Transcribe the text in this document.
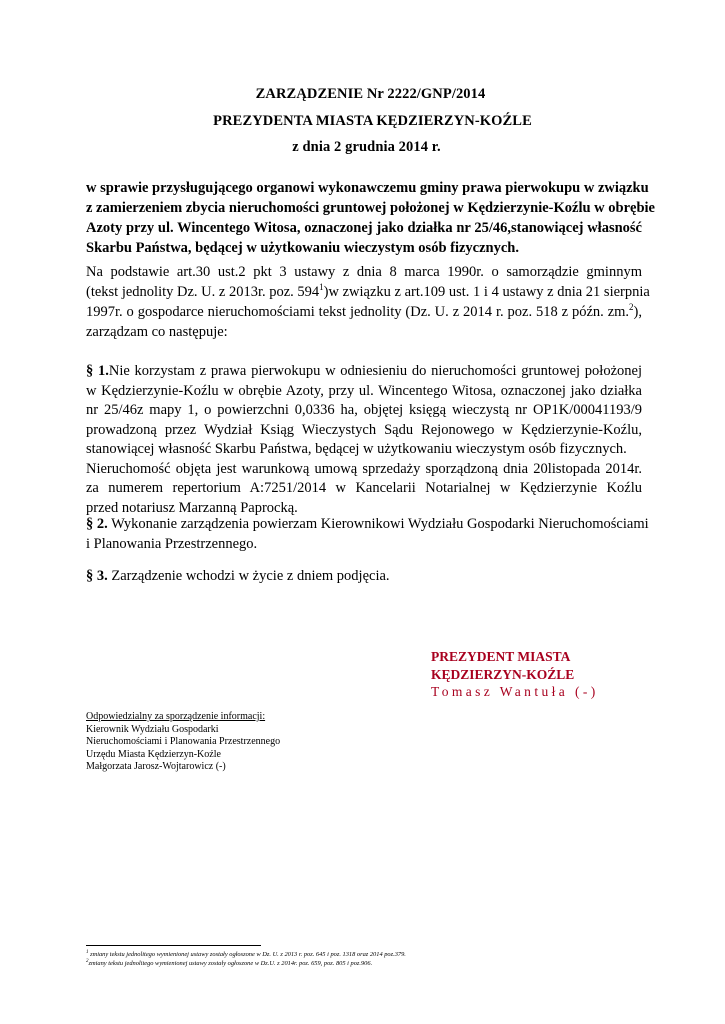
ZARZĄDZENIE Nr 2222/GNP/2014
PREZYDENTA MIASTA KĘDZIERZYN-KOŹLE
z dnia 2 grudnia 2014 r.
w sprawie przysługującego organowi wykonawczemu gminy prawa pierwokupu w związku
z zamierzeniem zbycia nieruchomości gruntowej położonej w Kędzierzynie-Koźlu w obrębie
Azoty przy ul. Wincentego Witosa, oznaczonej jako działka nr 25/46,stanowiącej własność
Skarbu Państwa, będącej w użytkowaniu wieczystym osób fizycznych.
Na podstawie art.30 ust.2 pkt 3 ustawy z dnia 8 marca 1990r. o samorządzie gminnym
(tekst jednolity Dz. U. z 2013r. poz. $594^1)w$ związku z art.109 ust. 1 i 4 ustawy z dnia 21 sierpnia
1997r. o gospodarce nieruchomościami tekst jednolity (Dz. U. z 2014 r. poz. 518 z późn. zm.$^2$),
zarządzam co następuje:
§ 1.Nie korzystam z prawa pierwokupu w odniesieniu do nieruchomości gruntowej położonej
w Kędzierzynie-Koźlu w obrębie Azoty, przy ul. Wincentego Witosa, oznaczonej jako działka
nr 25/46z mapy 1, o powierzchni 0,0336 ha, objętej księgą wieczystą nr OP1K/00041193/9
prowadzoną przez Wydział Ksiąg Wieczystych Sądu Rejonowego w Kędzierzynie-Koźlu,
stanowiącej własność Skarbu Państwa, będącej w użytkowaniu wieczystym osób fizycznych.
Nieruchomość objęta jest warunkową umową sprzedaży sporządzoną dnia 20listopada 2014r.
za numerem repertorium A:7251/2014 w Kancelarii Notarialnej w Kędzierzynie Koźlu
przed notariusz Marzanną Paprocką.
§ 2. Wykonanie zarządzenia powierzam Kierownikowi Wydziału Gospodarki Nieruchomościami
i Planowania Przestrzennego.
§ 3. Zarządzenie wchodzi w życie z dniem podjęcia.
PREZYDENT MIASTA
KĘDZIERZYN-KOŹLE
Tomasz Wantuła (-)
Odpowiedzialny za sporządzenie informacji:
Kierownik Wydziału Gospodarki
Nieruchomościami i Planowania Przestrzennego
Urzędu Miasta Kędzierzyn-Koźle
Małgorzata Jarosz-Wojtarowicz (-)
$^1$ zmiany tekstu jednolitego wymienionej ustawy zostały ogłoszone w Dz. U. z 2013 r. poz. 645 i poz. 1318 oraz 2014 poz.379.
$^2$zmiany tekstu jednolitego wymienionej ustawy zostały ogłoszone w Dz.U. z 2014r. poz. 659, poz. 805 i poz.906.
